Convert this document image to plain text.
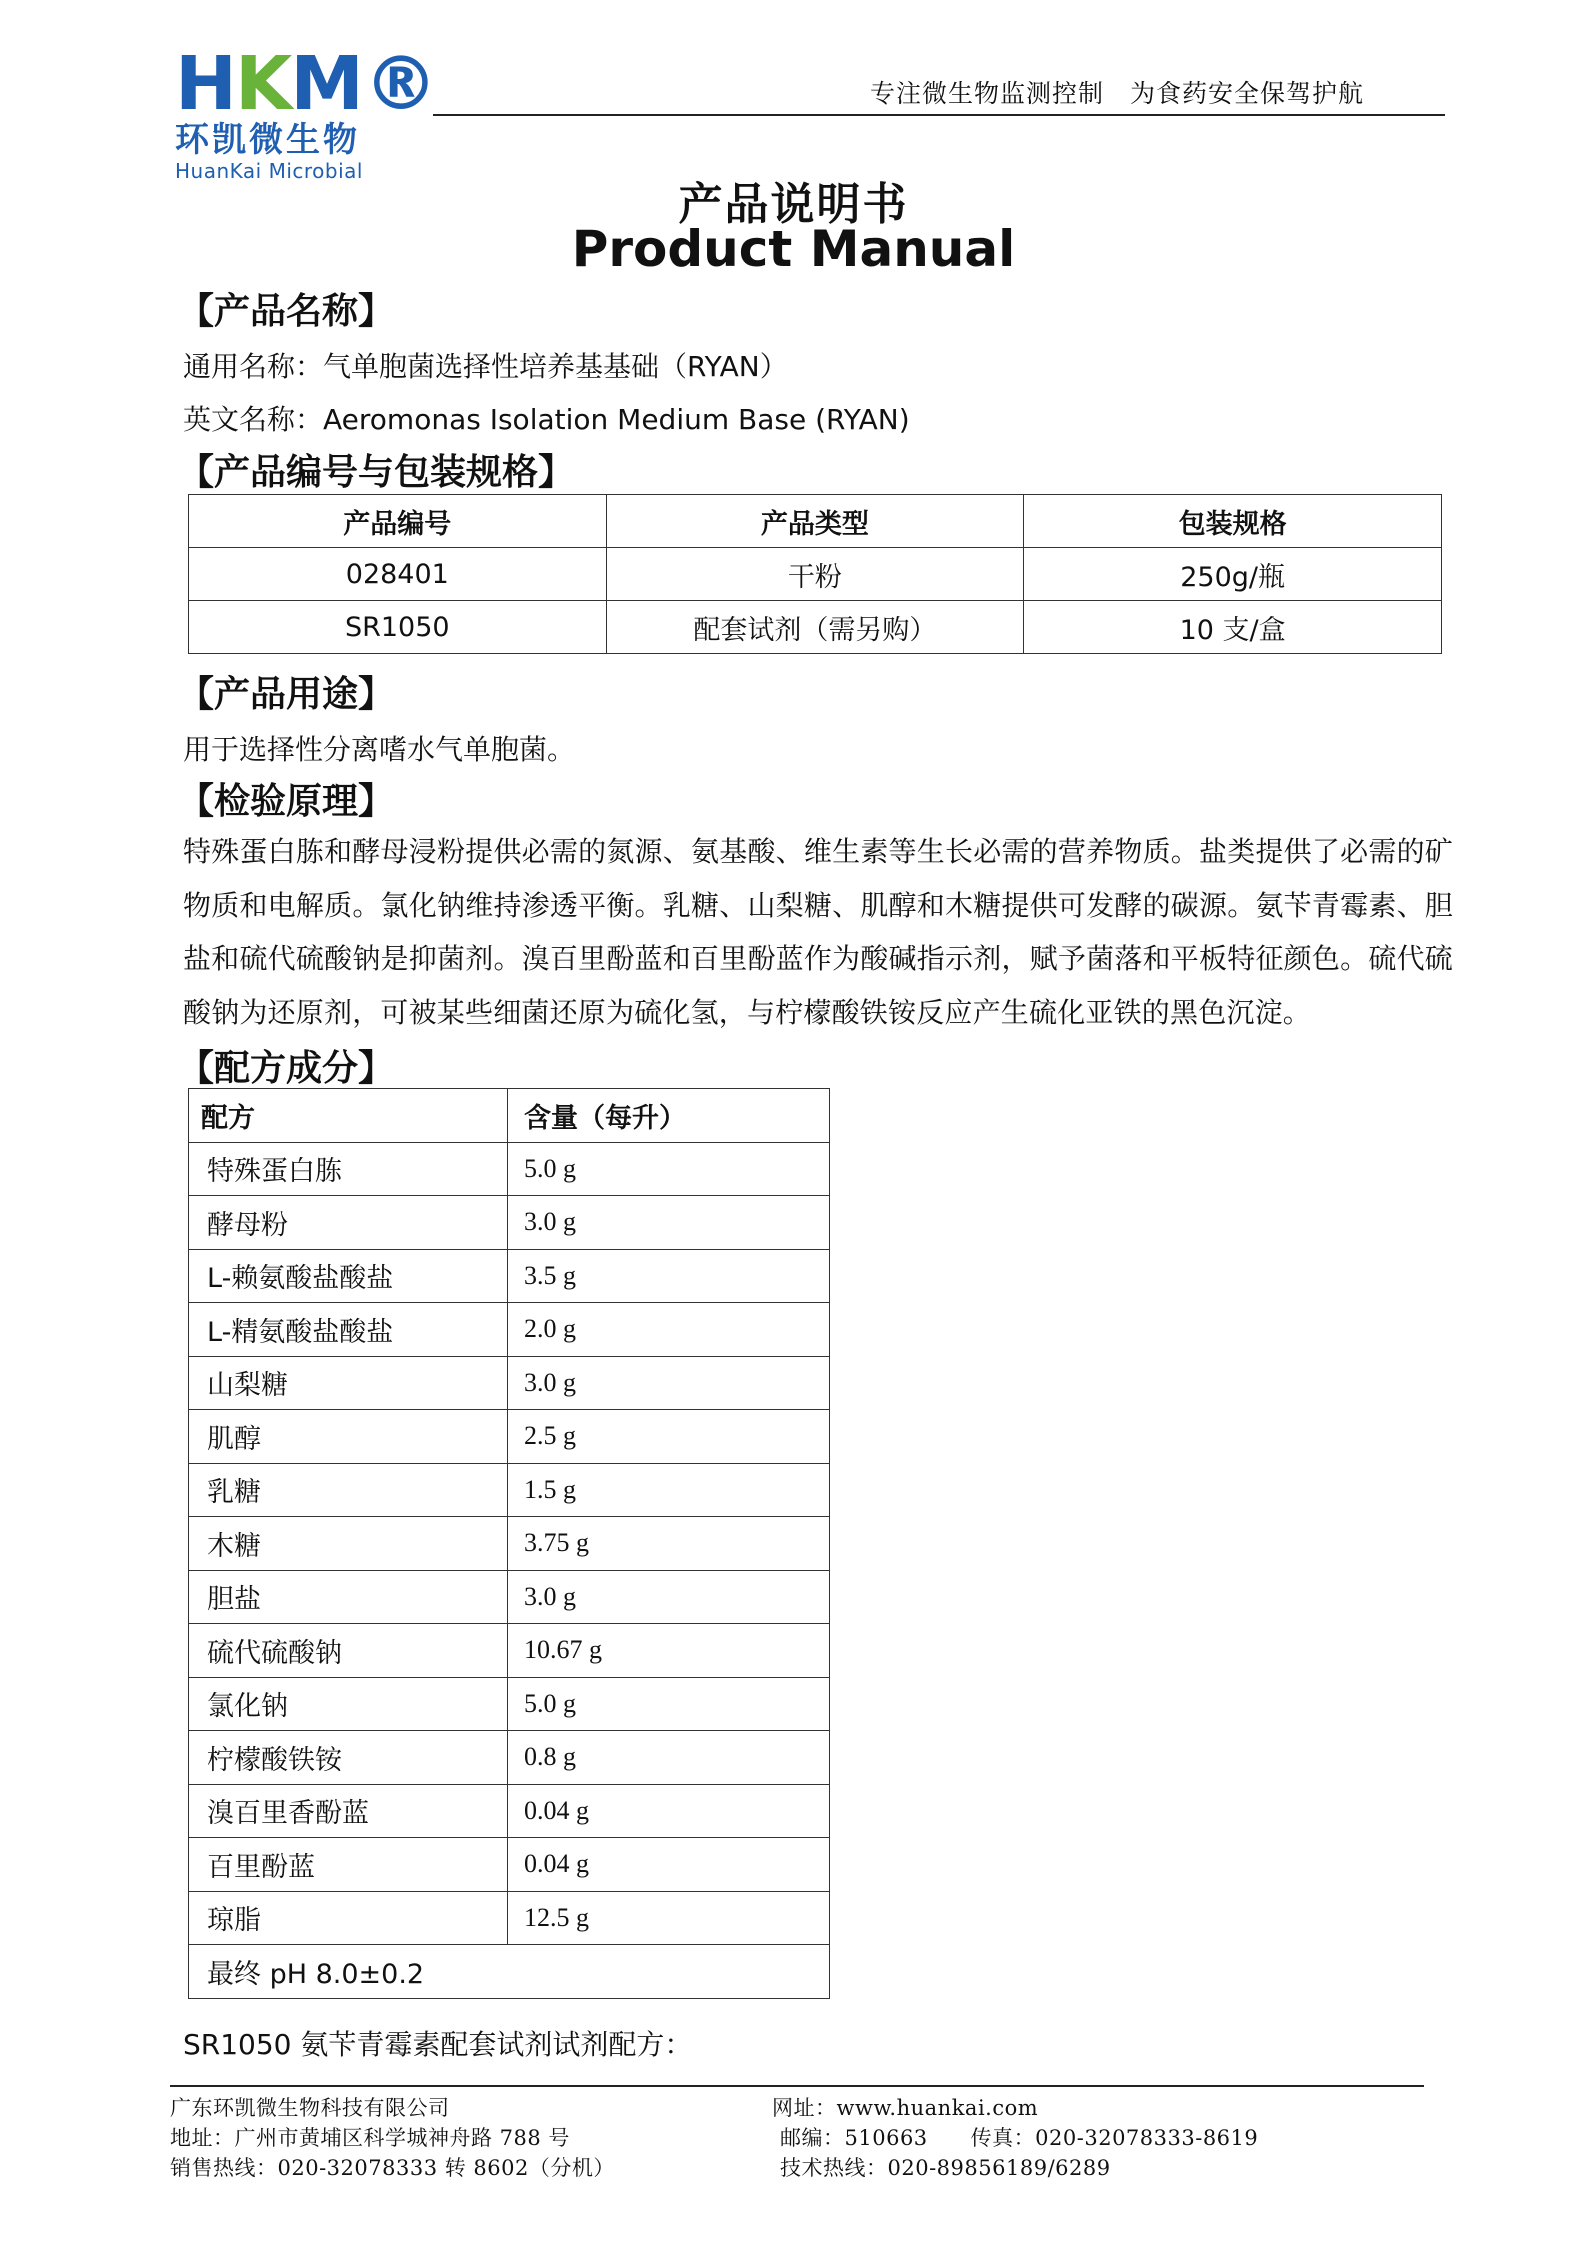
H K M ®
环凯微生物
HuanKai Microbial
专注微生物监测控制　为食药安全保驾护航
产品说明书
Product Manual
【产品名称】
通用名称：气单胞菌选择性培养基基础（RYAN）
英文名称：Aeromonas Isolation Medium Base (RYAN)
【产品编号与包装规格】
产品编号	产品类型	包装规格
028401	干粉	250g/瓶
SR1050	配套试剂（需另购）	10 支/盒
【产品用途】
用于选择性分离嗜水气单胞菌。
【检验原理】
特殊蛋白胨和酵母浸粉提供必需的氮源、氨基酸、维生素等生长必需的营养物质。盐类提供了必需的矿物质和电解质。氯化钠维持渗透平衡。乳糖、山梨糖、肌醇和木糖提供可发酵的碳源。氨苄青霉素、胆盐和硫代硫酸钠是抑菌剂。溴百里酚蓝和百里酚蓝作为酸碱指示剂，赋予菌落和平板特征颜色。硫代硫酸钠为还原剂，可被某些细菌还原为硫化氢，与柠檬酸铁铵反应产生硫化亚铁的黑色沉淀。
【配方成分】
配方	含量（每升）
特殊蛋白胨	5.0 g
酵母粉	3.0 g
L-赖氨酸盐酸盐	3.5 g
L-精氨酸盐酸盐	2.0 g
山梨糖	3.0 g
肌醇	2.5 g
乳糖	1.5 g
木糖	3.75 g
胆盐	3.0 g
硫代硫酸钠	10.67 g
氯化钠	5.0 g
柠檬酸铁铵	0.8 g
溴百里香酚蓝	0.04 g
百里酚蓝	0.04 g
琼脂	12.5 g
最终 pH 8.0±0.2	
SR1050 氨苄青霉素配套试剂试剂配方：
广东环凯微生物科技有限公司
地址：广州市黄埔区科学城神舟路 788 号
销售热线：020-32078333 转 8602（分机）
网址：www.huankai.com
邮编：510663　　传真：020-32078333-8619
技术热线：020-89856189/6289
